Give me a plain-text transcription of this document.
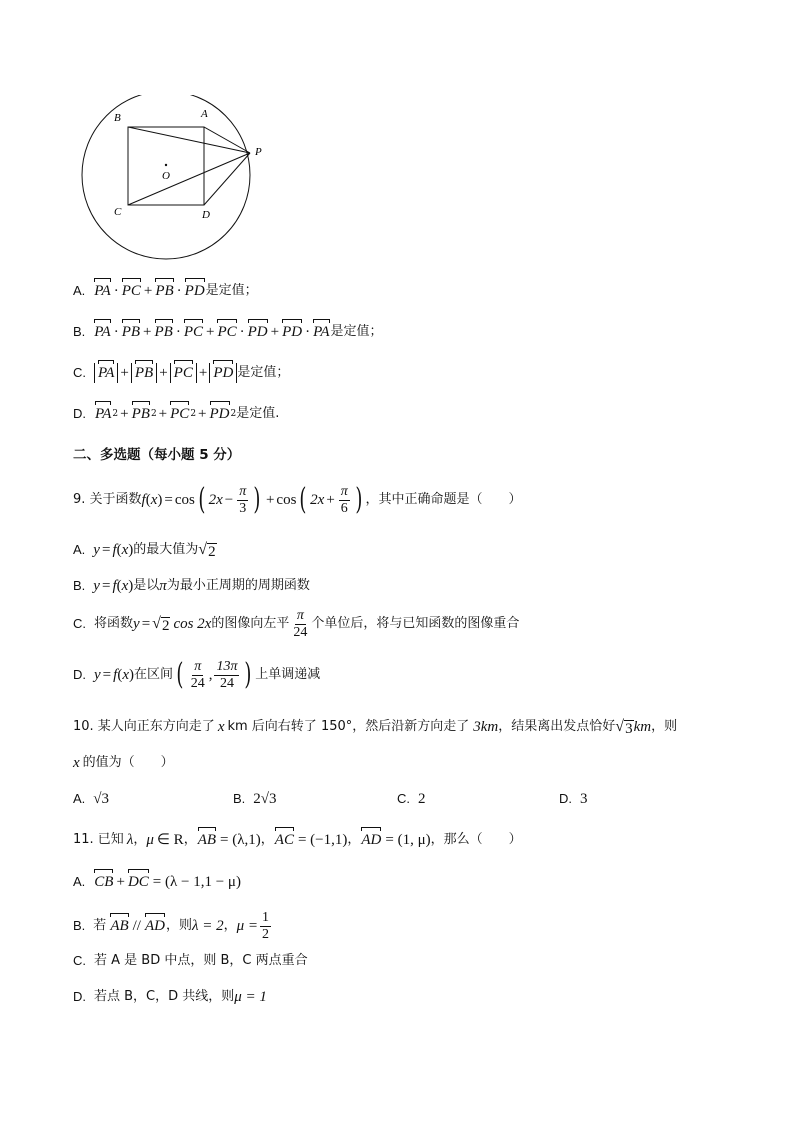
B	A
P
O
C	D
A. PA · PC + PB · PD 是定值；
B. PA · PB + PB · PC + PC · PD + PD · PA 是定值；
C. PA + PB + PC + PD 是定值；
D. PA 2 + PB 2 + PC 2 + PD 2 是定值.
二、多选题（每小题 5 分）
9. 关于函数 f ( x ) = cos ( $2x - \frac{\pi}{3}$ ) + cos ( $2x + \frac{\pi}{6}$ ) ，其中正确命题是（　　）
A. y = f ( x ) 的最大值为 √ 2
B. y = f ( x ) 是以 π 为最小正周期的周期函数
C. 将函数 y = √ 2 cos 2x 的图像向左平 $\frac{\pi}{24}$ 个单位后，将与已知函数的图像重合
D. y = f ( x ) 在区间 ( $\frac{\pi}{24}$ , $\frac{13\pi}{24}$ ) 上单调递减
10. 某人向正东方向走了 x km 后向右转了 150°，然后沿新方向走了 3 km ，结果离出发点恰好 √ 3 km ，则
x 的值为（　　）
A. √3	B. 2√3	C. 2	D. 3
11. 已知 λ ， μ ∈ R ， AB = (λ,1) ， AC = (−1,1) ， AD = (1, μ) ，那么（　　）
A. CB + DC = (λ − 1,1 − μ)
B. 若 AB // AD ，则 λ = 2 ， $\mu = \frac{1}{2}$
C. 若 A 是 BD 中点，则 B，C 两点重合
D. 若点 B，C，D 共线，则 μ = 1
